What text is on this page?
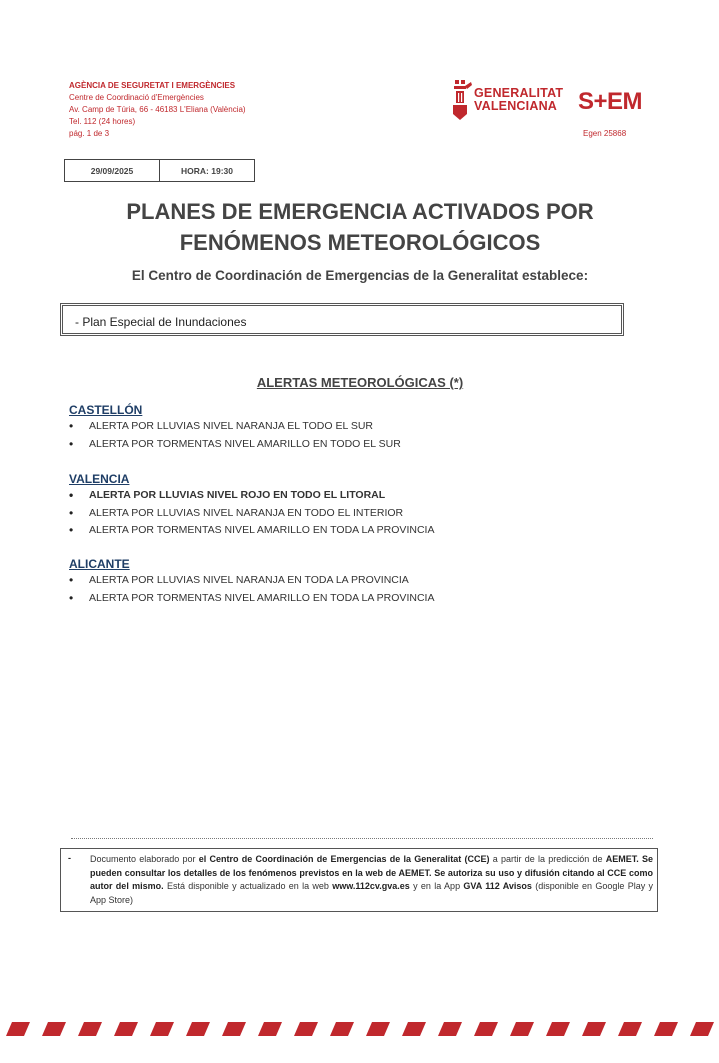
AGÈNCIA DE SEGURETAT I EMERGÈNCIES
Centre de Coordinació d'Emergències
Av. Camp de Túria, 66 - 46183 L'Eliana (València)
Tel. 112 (24 hores)
pág. 1 de 3
GENERALITAT
VALENCIANA S+EM
Egen 25868
29/09/2025	HORA: 19:30
PLANES DE EMERGENCIA ACTIVADOS POR
FENÓMENOS METEOROLÓGICOS
El Centro de Coordinación de Emergencias de la Generalitat establece:
- Plan Especial de Inundaciones
ALERTAS METEOROLÓGICAS (*)
CASTELLÓN
• ALERTA POR LLUVIAS NIVEL NARANJA EL TODO EL SUR
• ALERTA POR TORMENTAS NIVEL AMARILLO EN TODO EL SUR
VALENCIA
• ALERTA POR LLUVIAS NIVEL ROJO EN TODO EL LITORAL
• ALERTA POR LLUVIAS NIVEL NARANJA EN TODO EL INTERIOR
• ALERTA POR TORMENTAS NIVEL AMARILLO EN TODA LA PROVINCIA
ALICANTE
• ALERTA POR LLUVIAS NIVEL NARANJA EN TODA LA PROVINCIA
• ALERTA POR TORMENTAS NIVEL AMARILLO EN TODA LA PROVINCIA
- Documento elaborado por el Centro de Coordinación de Emergencias de la Generalitat (CCE) a partir de la predicción de AEMET. Se pueden consultar los detalles de los fenómenos previstos en la web de AEMET. Se autoriza su uso y difusión citando al CCE como autor del mismo. Está disponible y actualizado en la web www.112cv.gva.es y en la App GVA 112 Avisos (disponible en Google Play y App Store)
